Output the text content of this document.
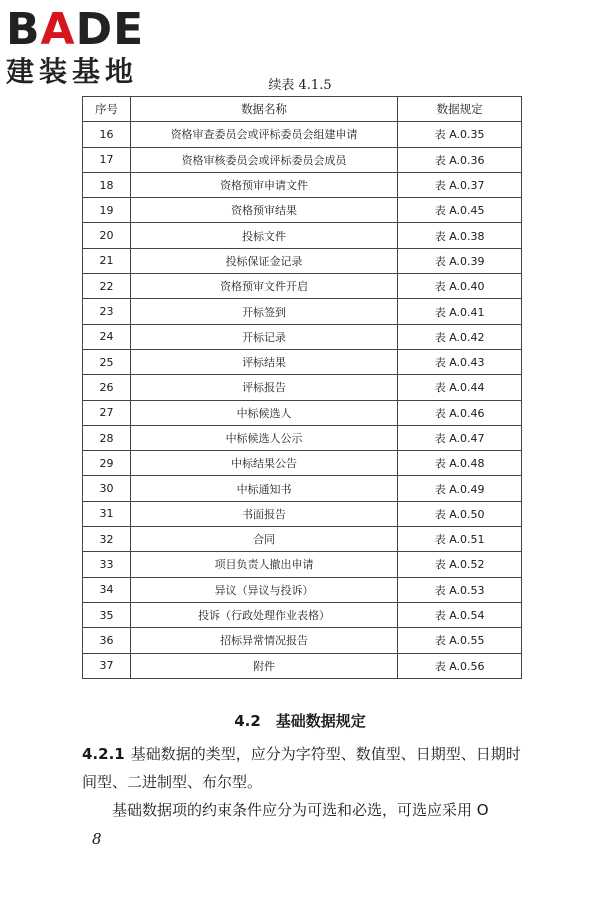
BADE
建装基地	续表 4.1.5
序号	数据名称	数据规定
16	资格审查委员会或评标委员会组建申请	表 A.0.35
17	资格审核委员会或评标委员会成员	表 A.0.36
18	资格预审申请文件	表 A.0.37
19	资格预审结果	表 A.0.45
20	投标文件	表 A.0.38
21	投标保证金记录	表 A.0.39
22	资格预审文件开启	表 A.0.40
23	开标签到	表 A.0.41
24	开标记录	表 A.0.42
25	评标结果	表 A.0.43
26	评标报告	表 A.0.44
27	中标候选人	表 A.0.46
28	中标候选人公示	表 A.0.47
29	中标结果公告	表 A.0.48
30	中标通知书	表 A.0.49
31	书面报告	表 A.0.50
32	合同	表 A.0.51
33	项目负责人撤出申请	表 A.0.52
34	异议（异议与投诉）	表 A.0.53
35	投诉（行政处理作业表格）	表 A.0.54
36	招标异常情况报告	表 A.0.55
37	附件	表 A.0.56
4.2　基础数据规定
4.2.1 基础数据的类型，应分为字符型、数值型、日期型、日期时间型、二进制型、布尔型。
基础数据项的约束条件应分为可选和必选，可选应采用 O
8
